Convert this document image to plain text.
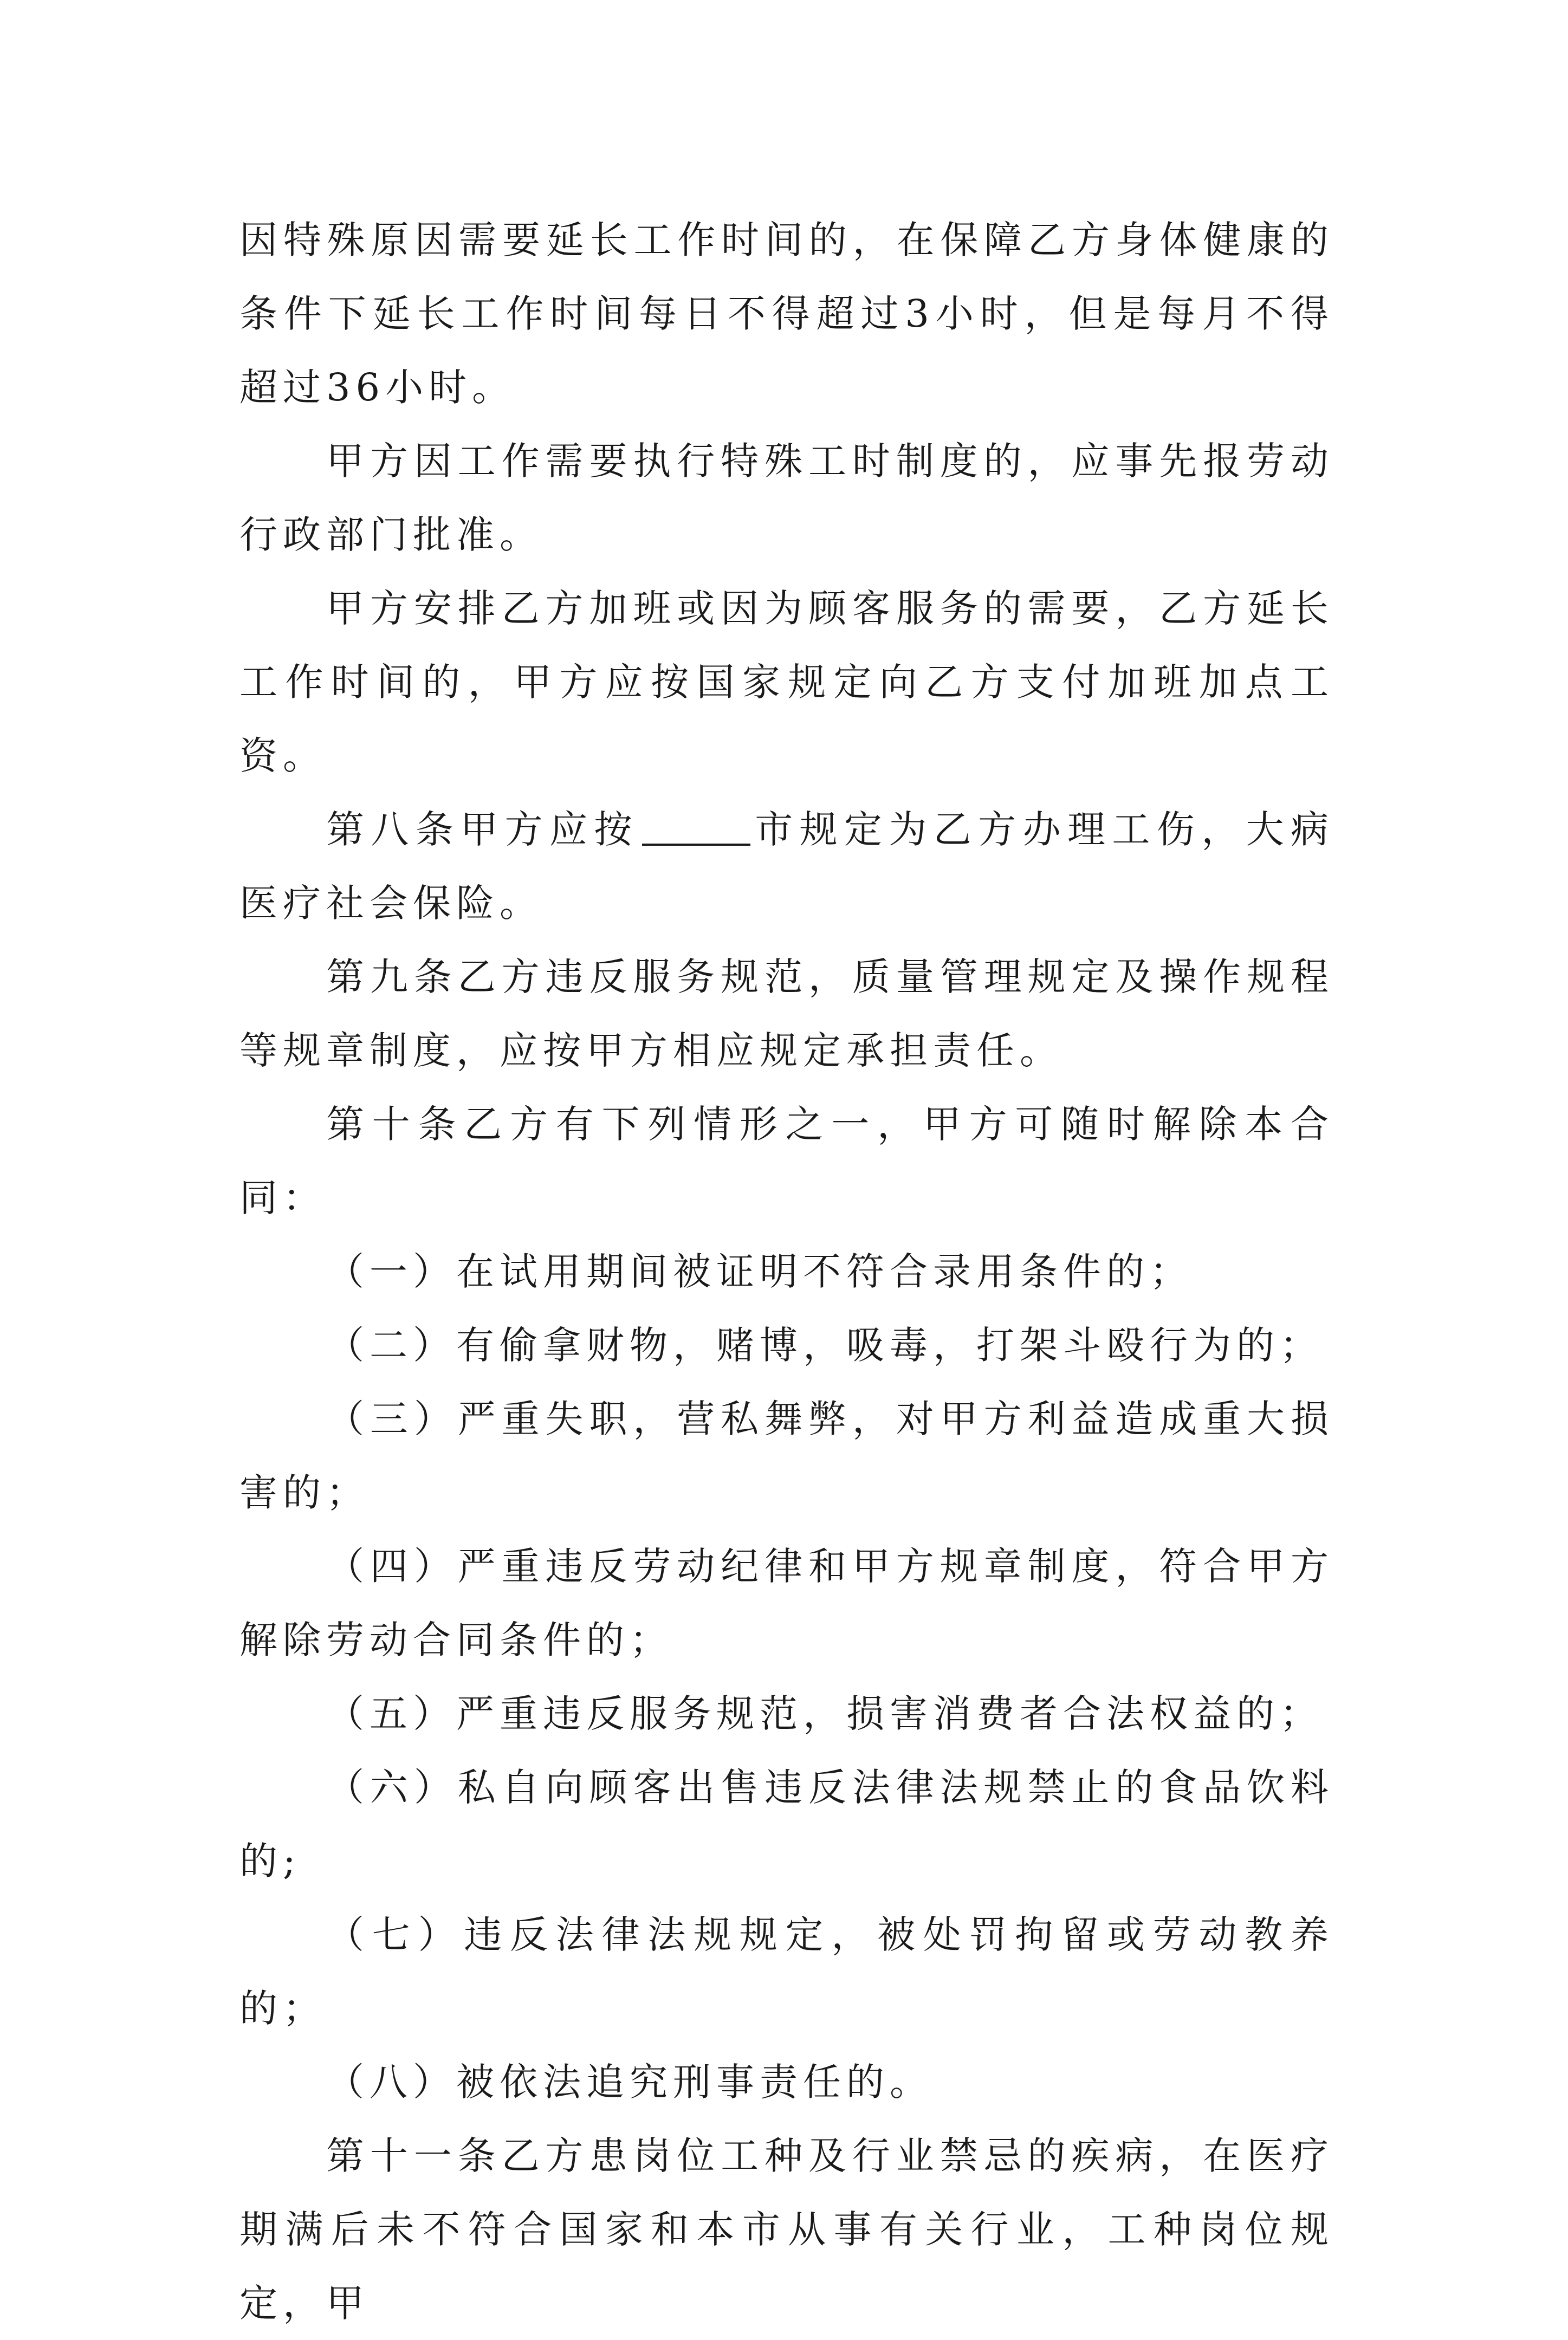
因特殊原因需要延长工作时间的，在保障乙方身体健康的条件下延长工作时间每日不得超过3小时，但是每月不得超过36小时。

甲方因工作需要执行特殊工时制度的，应事先报劳动行政部门批准。

甲方安排乙方加班或因为顾客服务的需要，乙方延长工作时间的，甲方应按国家规定向乙方支付加班加点工资。

第八条甲方应按	市规定为乙方办理工伤，大病医疗社会保险。

第九条乙方违反服务规范，质量管理规定及操作规程等规章制度，应按甲方相应规定承担责任。

第十条乙方有下列情形之一，甲方可随时解除本合同：

（一）在试用期间被证明不符合录用条件的；

（二）有偷拿财物，赌博，吸毒，打架斗殴行为的；

（三）严重失职，营私舞弊，对甲方利益造成重大损害的；

（四）严重违反劳动纪律和甲方规章制度，符合甲方解除劳动合同条件的；

（五）严重违反服务规范，损害消费者合法权益的；

（六）私自向顾客出售违反法律法规禁止的食品饮料的;

（七）违反法律法规规定，被处罚拘留或劳动教养的；

（八）被依法追究刑事责任的。

第十一条乙方患岗位工种及行业禁忌的疾病，在医疗期满后未不符合国家和本市从事有关行业，工种岗位规定，甲
